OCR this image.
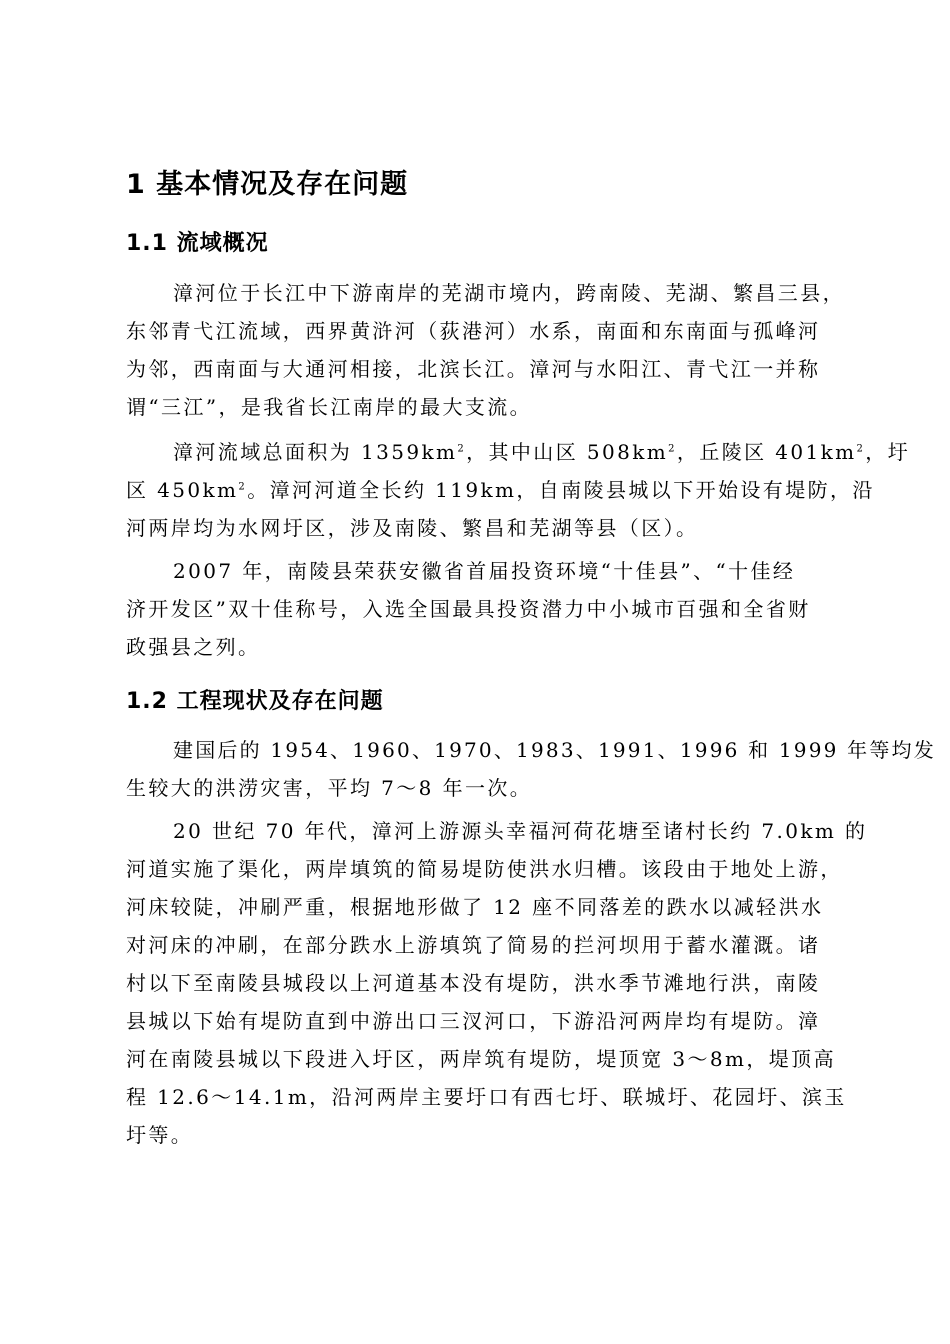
1 基本情况及存在问题
1.1 流域概况

漳河位于长江中下游南岸的芜湖市境内，跨南陵、芜湖、繁昌三县，

东邻青弋江流域，西界黄浒河（荻港河）水系，南面和东南面与孤峰河

为邻，西南面与大通河相接，北滨长江。漳河与水阳江、青弋江一并称

谓“三江”，是我省长江南岸的最大支流。

漳河流域总面积为 $1359km^2$，其中山区 $508km^2$，丘陵区 $401km^2$，圩

区 $450km^2$。漳河河道全长约 119km，自南陵县城以下开始设有堤防，沿

河两岸均为水网圩区，涉及南陵、繁昌和芜湖等县（区）。

2007 年，南陵县荣获安徽省首届投资环境“十佳县”、“十佳经

济开发区”双十佳称号，入选全国最具投资潜力中小城市百强和全省财

政强县之列。

1.2 工程现状及存在问题

建国后的 1954、1960、1970、1983、1991、1996 和 1999 年等均发

生较大的洪涝灾害，平均 7～8 年一次。

20 世纪 70 年代，漳河上游源头幸福河荷花塘至诸村长约 7.0km 的

河道实施了渠化，两岸填筑的简易堤防使洪水归槽。该段由于地处上游，

河床较陡，冲刷严重，根据地形做了 12 座不同落差的跌水以减轻洪水

对河床的冲刷，在部分跌水上游填筑了简易的拦河坝用于蓄水灌溉。诸

村以下至南陵县城段以上河道基本没有堤防，洪水季节滩地行洪，南陵

县城以下始有堤防直到中游出口三汊河口，下游沿河两岸均有堤防。漳

河在南陵县城以下段进入圩区，两岸筑有堤防，堤顶宽 3～8m，堤顶高

程 12.6～14.1m，沿河两岸主要圩口有西七圩、联城圩、花园圩、滨玉

圩等。
